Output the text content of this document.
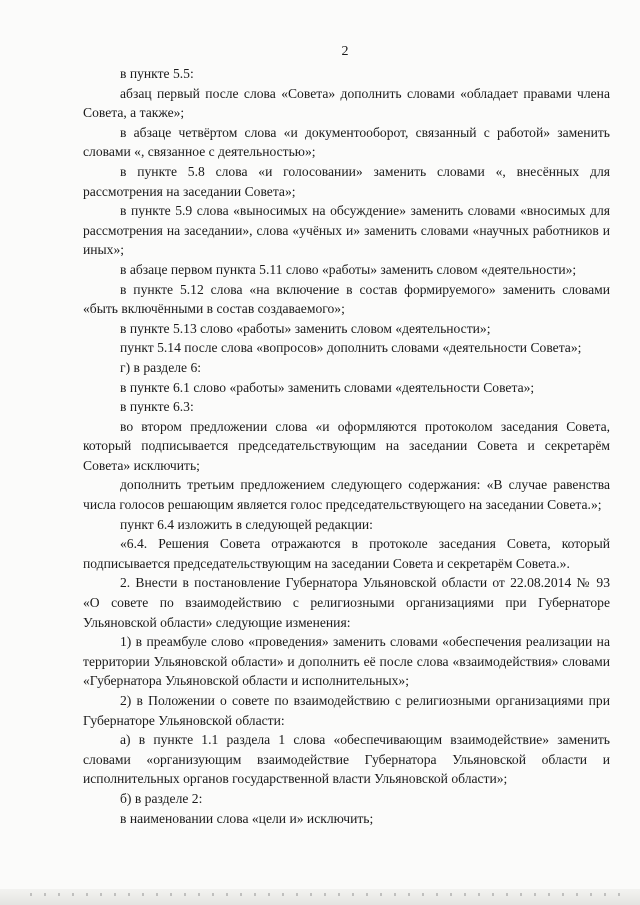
2

в пункте 5.5:

абзац первый после слова «Совета» дополнить словами «обладает правами члена Совета, а также»;

в абзаце четвёртом слова «и документооборот, связанный с работой» заменить словами «, связанное с деятельностью»;

в пункте 5.8 слова «и голосовании» заменить словами «, внесённых для рассмотрения на заседании Совета»;

в пункте 5.9 слова «выносимых на обсуждение» заменить словами «вносимых для рассмотрения на заседании», слова «учёных и» заменить словами «научных работников и иных»;

в абзаце первом пункта 5.11 слово «работы» заменить словом «деятельности»;

в пункте 5.12 слова «на включение в состав формируемого» заменить словами «быть включёнными в состав создаваемого»;

в пункте 5.13 слово «работы» заменить словом «деятельности»;

пункт 5.14 после слова «вопросов» дополнить словами «деятельности Совета»;

г) в разделе 6:

в пункте 6.1 слово «работы» заменить словами «деятельности Совета»;

в пункте 6.3:

во втором предложении слова «и оформляются протоколом заседания Совета, который подписывается председательствующим на заседании Совета и секретарём Совета» исключить;

дополнить третьим предложением следующего содержания: «В случае равенства числа голосов решающим является голос председательствующего на заседании Совета.»;

пункт 6.4 изложить в следующей редакции:

«6.4. Решения Совета отражаются в протоколе заседания Совета, который подписывается председательствующим на заседании Совета и секретарём Совета.».

2. Внести в постановление Губернатора Ульяновской области от 22.08.2014 № 93 «О совете по взаимодействию с религиозными организациями при Губернаторе Ульяновской области» следующие изменения:

1) в преамбуле слово «проведения» заменить словами «обеспечения реализации на территории Ульяновской области» и дополнить её после слова «взаимодействия» словами «Губернатора Ульяновской области и исполнительных»;

2) в Положении о совете по взаимодействию с религиозными организациями при Губернаторе Ульяновской области:

а) в пункте 1.1 раздела 1 слова «обеспечивающим взаимодействие» заменить словами «организующим взаимодействие Губернатора Ульяновской области и исполнительных органов государственной власти Ульяновской области»;

б) в разделе 2:

в наименовании слова «цели и» исключить;
